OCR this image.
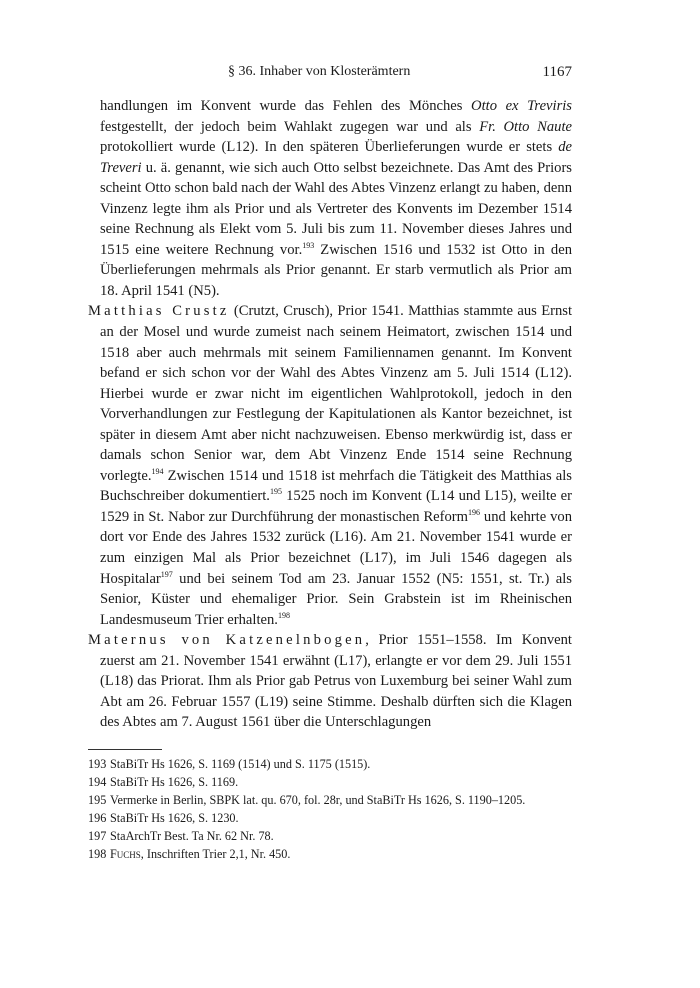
§ 36. Inhaber von Klosterämtern	1167

handlungen im Konvent wurde das Fehlen des Mönches Otto ex Treviris festgestellt, der jedoch beim Wahlakt zugegen war und als Fr. Otto Naute protokolliert wurde (L12). In den späteren Überlieferungen wurde er stets de Treveri u. ä. genannt, wie sich auch Otto selbst bezeichnete. Das Amt des Priors scheint Otto schon bald nach der Wahl des Abtes Vinzenz erlangt zu haben, denn Vinzenz legte ihm als Prior und als Vertreter des Konvents im Dezember 1514 seine Rechnung als Elekt vom 5. Juli bis zum 11. November dieses Jahres und 1515 eine weitere Rechnung vor.$^{193}$ Zwischen 1516 und 1532 ist Otto in den Überlieferungen mehrmals als Prior genannt. Er starb vermutlich als Prior am 18. April 1541 (N5).

Matthias Crustz (Crutzt, Crusch), Prior 1541. Matthias stammte aus Ernst an der Mosel und wurde zumeist nach seinem Heimatort, zwischen 1514 und 1518 aber auch mehrmals mit seinem Familiennamen genannt. Im Konvent befand er sich schon vor der Wahl des Abtes Vinzenz am 5. Juli 1514 (L12). Hierbei wurde er zwar nicht im eigentlichen Wahlprotokoll, jedoch in den Vorverhandlungen zur Festlegung der Kapitulationen als Kantor bezeichnet, ist später in diesem Amt aber nicht nachzuweisen. Ebenso merkwürdig ist, dass er damals schon Senior war, dem Abt Vinzenz Ende 1514 seine Rechnung vorlegte.$^{194}$ Zwischen 1514 und 1518 ist mehrfach die Tätigkeit des Matthias als Buchschreiber dokumentiert.$^{195}$ 1525 noch im Konvent (L14 und L15), weilte er 1529 in St. Nabor zur Durchführung der monastischen Reform$^{196}$ und kehrte von dort vor Ende des Jahres 1532 zurück (L16). Am 21. November 1541 wurde er zum einzigen Mal als Prior bezeichnet (L17), im Juli 1546 dagegen als Hospitalar$^{197}$ und bei seinem Tod am 23. Januar 1552 (N5: 1551, st. Tr.) als Senior, Küster und ehemaliger Prior. Sein Grabstein ist im Rheinischen Landesmuseum Trier erhalten.$^{198}$

Maternus von Katzenelnbogen, Prior 1551–1558. Im Konvent zuerst am 21. November 1541 erwähnt (L17), erlangte er vor dem 29. Juli 1551 (L18) das Priorat. Ihm als Prior gab Petrus von Luxemburg bei seiner Wahl zum Abt am 26. Februar 1557 (L19) seine Stimme. Deshalb dürften sich die Klagen des Abtes am 7. August 1561 über die Unterschlagungen

193 StaBiTr Hs 1626, S. 1169 (1514) und S. 1175 (1515).
194 StaBiTr Hs 1626, S. 1169.
195 Vermerke in Berlin, SBPK lat. qu. 670, fol. 28r, und StaBiTr Hs 1626, S. 1190–1205.
196 StaBiTr Hs 1626, S. 1230.
197 StaArchTr Best. Ta Nr. 62 Nr. 78.
198 Fuchs, Inschriften Trier 2,1, Nr. 450.
